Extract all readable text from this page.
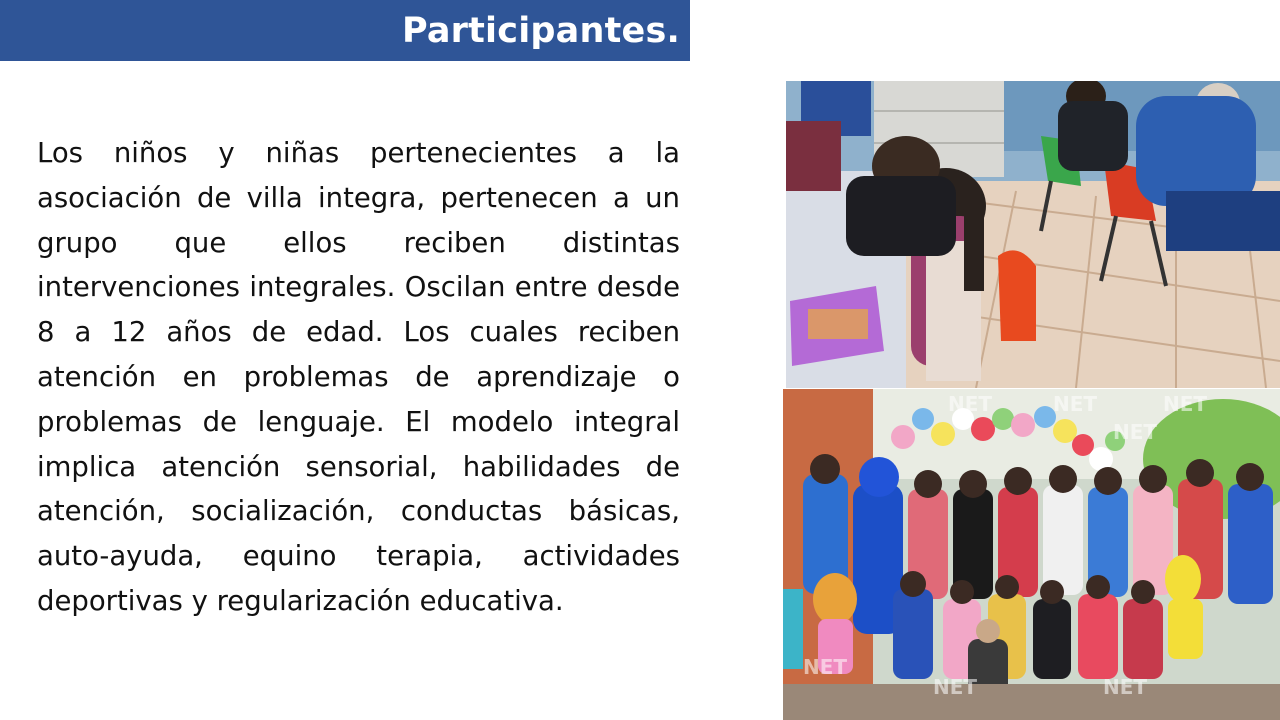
Participantes.

Los niños y niñas pertenecientes a la asociación de villa integra, pertenecen a un grupo que ellos reciben distintas intervenciones integrales. Oscilan entre desde 8 a 12 años de edad. Los cuales reciben atención en problemas de aprendizaje o problemas de lenguaje. El modelo integral implica atención sensorial, habilidades de atención, socialización, conductas básicas, auto-ayuda, equino terapia, actividades deportivas y regularización educativa.

NET	NET	NET
NET
NET
NET	NET
